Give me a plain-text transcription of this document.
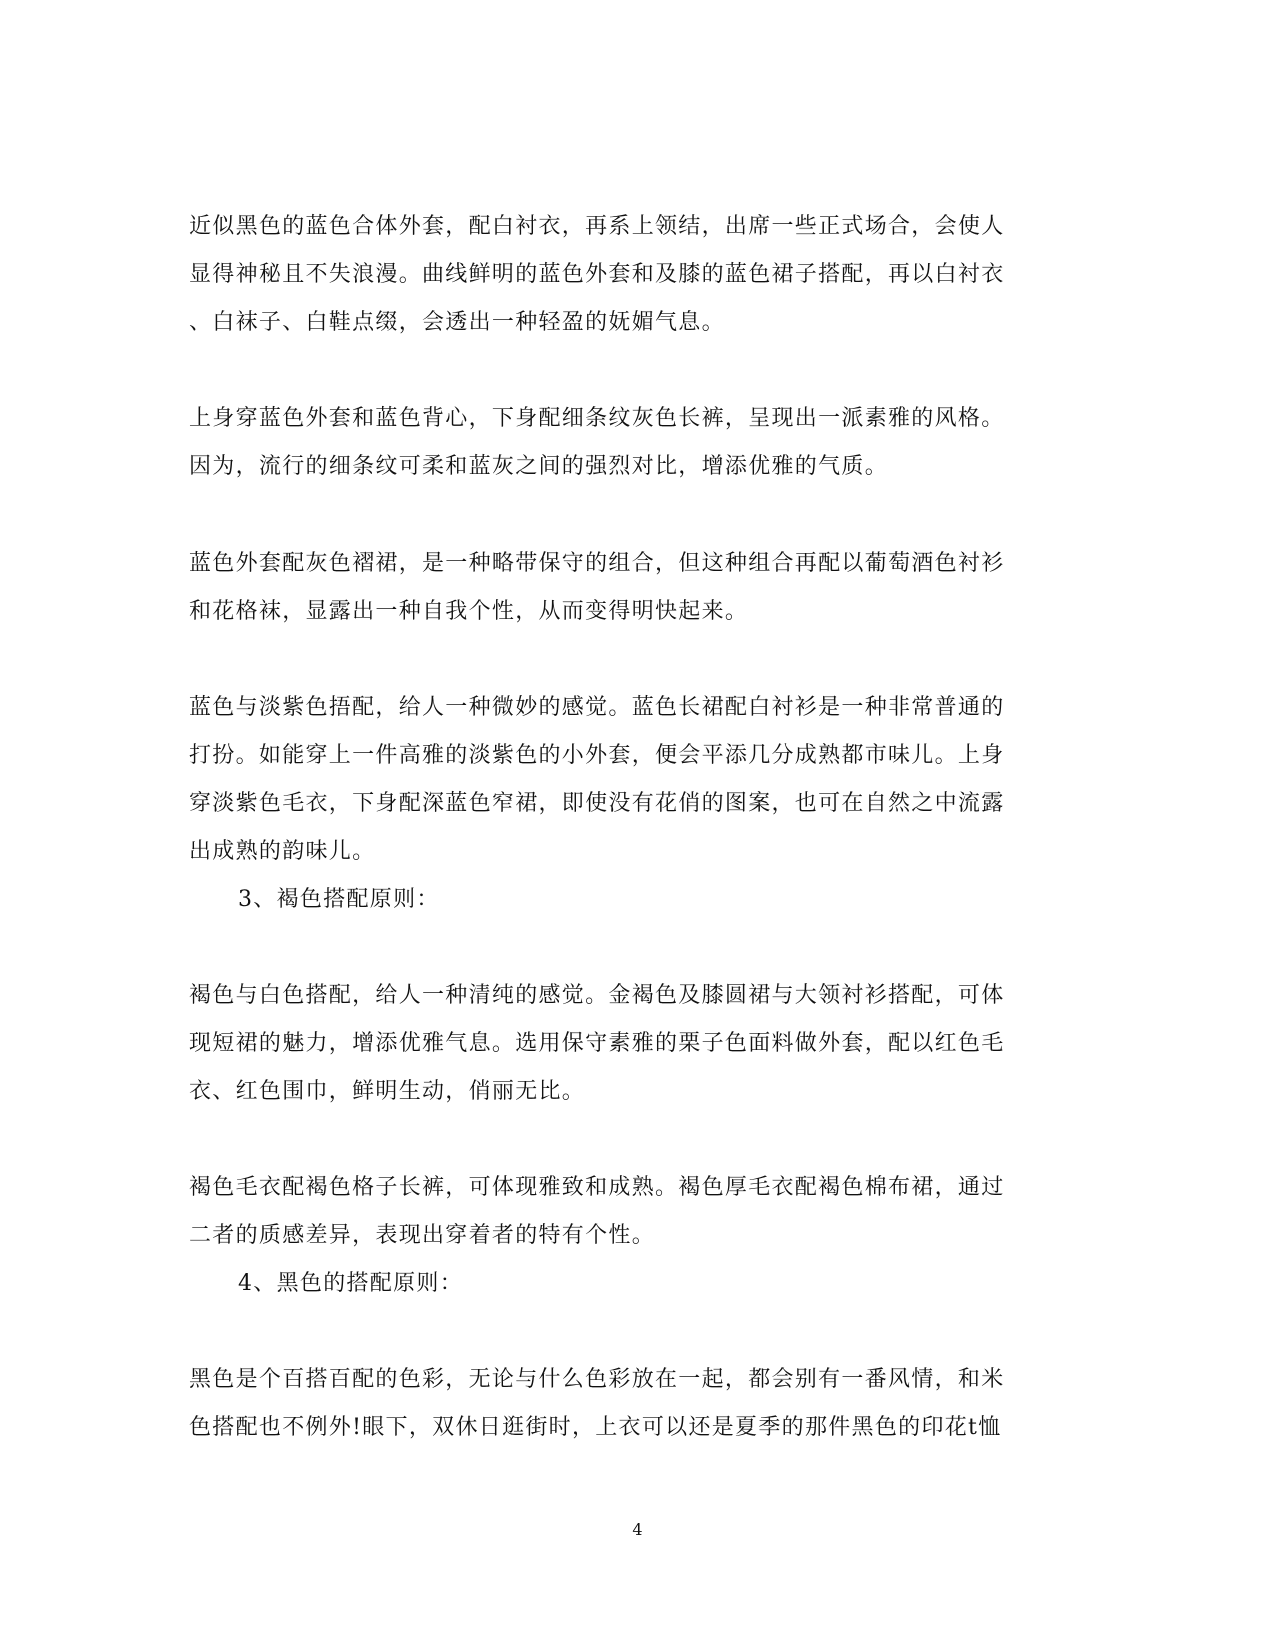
近似黑色的蓝色合体外套，配白衬衣，再系上领结，出席一些正式场合，会使人
显得神秘且不失浪漫。曲线鲜明的蓝色外套和及膝的蓝色裙子搭配，再以白衬衣
、白袜子、白鞋点缀，会透出一种轻盈的妩媚气息。
上身穿蓝色外套和蓝色背心，下身配细条纹灰色长裤，呈现出一派素雅的风格。
因为，流行的细条纹可柔和蓝灰之间的强烈对比，增添优雅的气质。
蓝色外套配灰色褶裙，是一种略带保守的组合，但这种组合再配以葡萄酒色衬衫
和花格袜，显露出一种自我个性，从而变得明快起来。
蓝色与淡紫色捂配，给人一种微妙的感觉。蓝色长裙配白衬衫是一种非常普通的
打扮。如能穿上一件高雅的淡紫色的小外套，便会平添几分成熟都市味儿。上身
穿淡紫色毛衣，下身配深蓝色窄裙，即使没有花俏的图案，也可在自然之中流露
出成熟的韵味儿。
3、褐色搭配原则：
褐色与白色搭配，给人一种清纯的感觉。金褐色及膝圆裙与大领衬衫搭配，可体
现短裙的魅力，增添优雅气息。选用保守素雅的栗子色面料做外套，配以红色毛
衣、红色围巾，鲜明生动，俏丽无比。
褐色毛衣配褐色格子长裤，可体现雅致和成熟。褐色厚毛衣配褐色棉布裙，通过
二者的质感差异，表现出穿着者的特有个性。
4、黑色的搭配原则：
黑色是个百搭百配的色彩，无论与什么色彩放在一起，都会别有一番风情，和米
色搭配也不例外!眼下，双休日逛街时，上衣可以还是夏季的那件黑色的印花t恤
4
